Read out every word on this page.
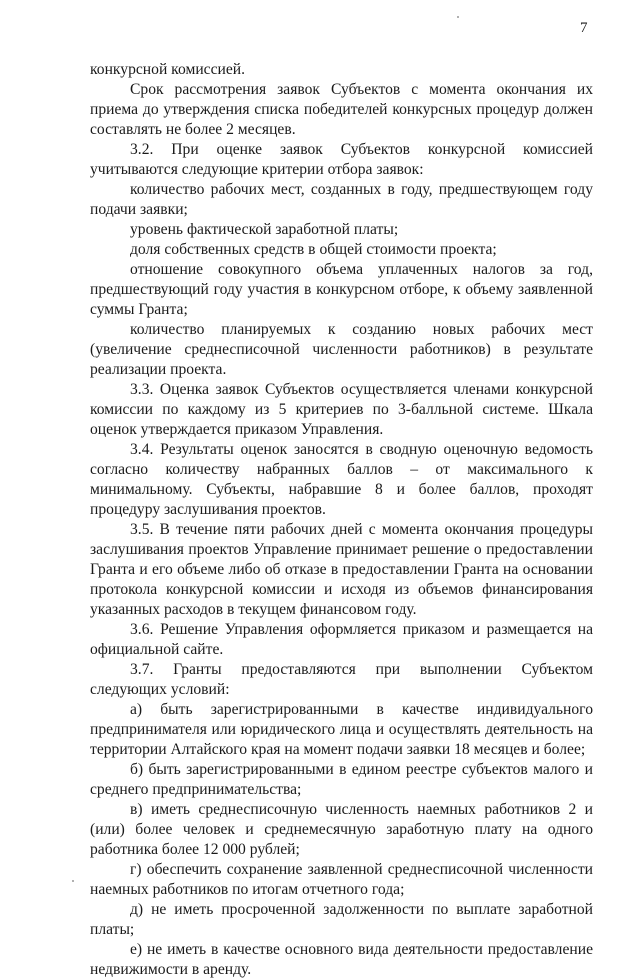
7

конкурсной комиссией.

Срок рассмотрения заявок Субъектов с момента окончания их приема до утверждения списка победителей конкурсных процедур должен составлять не более 2 месяцев.

3.2. При оценке заявок Субъектов конкурсной комиссией учитываются следующие критерии отбора заявок:

количество рабочих мест, созданных в году, предшествующем году подачи заявки;

уровень фактической заработной платы;

доля собственных средств в общей стоимости проекта;

отношение совокупного объема уплаченных налогов за год, предшествующий году участия в конкурсном отборе, к объему заявленной суммы Гранта;

количество планируемых к созданию новых рабочих мест (увеличение среднесписочной численности работников) в результате реализации проекта.

3.3. Оценка заявок Субъектов осуществляется членами конкурсной комиссии по каждому из 5 критериев по 3-балльной системе. Шкала оценок утверждается приказом Управления.

3.4. Результаты оценок заносятся в сводную оценочную ведомость согласно количеству набранных баллов – от максимального к минимальному. Субъекты, набравшие 8 и более баллов, проходят процедуру заслушивания проектов.

3.5. В течение пяти рабочих дней с момента окончания процедуры заслушивания проектов Управление принимает решение о предоставлении Гранта и его объеме либо об отказе в предоставлении Гранта на основании протокола конкурсной комиссии и исходя из объемов финансирования указанных расходов в текущем финансовом году.

3.6. Решение Управления оформляется приказом и размещается на официальной сайте.

3.7. Гранты предоставляются при выполнении Субъектом следующих условий:

а) быть зарегистрированными в качестве индивидуального предпринимателя или юридического лица и осуществлять деятельность на территории Алтайского края на момент подачи заявки 18 месяцев и более;

б) быть зарегистрированными в едином реестре субъектов малого и среднего предпринимательства;

в) иметь среднесписочную численность наемных работников 2 и (или) более человек и среднемесячную заработную плату на одного работника более 12 000 рублей;

г) обеспечить сохранение заявленной среднесписочной численности наемных работников по итогам отчетного года;

д) не иметь просроченной задолженности по выплате заработной платы;

е) не иметь в качестве основного вида деятельности предоставление недвижимости в аренду.
